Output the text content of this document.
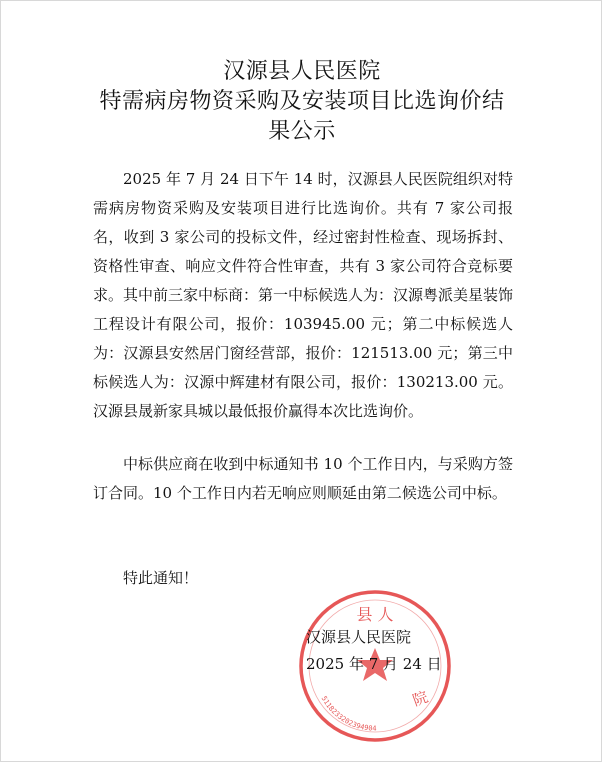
汉源县人民医院
特需病房物资采购及安装项目比选询价结
果公示

2025 年 7 月 24 日下午 14 时，汉源县人民医院组织对特需病房物资采购及安装项目进行比选询价。共有 7 家公司报名，收到 3 家公司的投标文件，经过密封性检查、现场拆封、资格性审查、响应文件符合性审查，共有 3 家公司符合竞标要求。其中前三家中标商：第一中标候选人为：汉源粤派美星装饰工程设计有限公司，报价：103945.00 元；第二中标候选人为：汉源县安然居门窗经营部，报价：121513.00 元；第三中标候选人为：汉源中辉建材有限公司，报价：130213.00 元。汉源县晟新家具城以最低报价赢得本次比选询价。

中标供应商在收到中标通知书 10 个工作日内，与采购方签订合同。10 个工作日内若无响应则顺延由第二候选公司中标。

特此通知！

县 人
5118233202394904
院
汉源县人民医院
2025 年 7 月 24 日
